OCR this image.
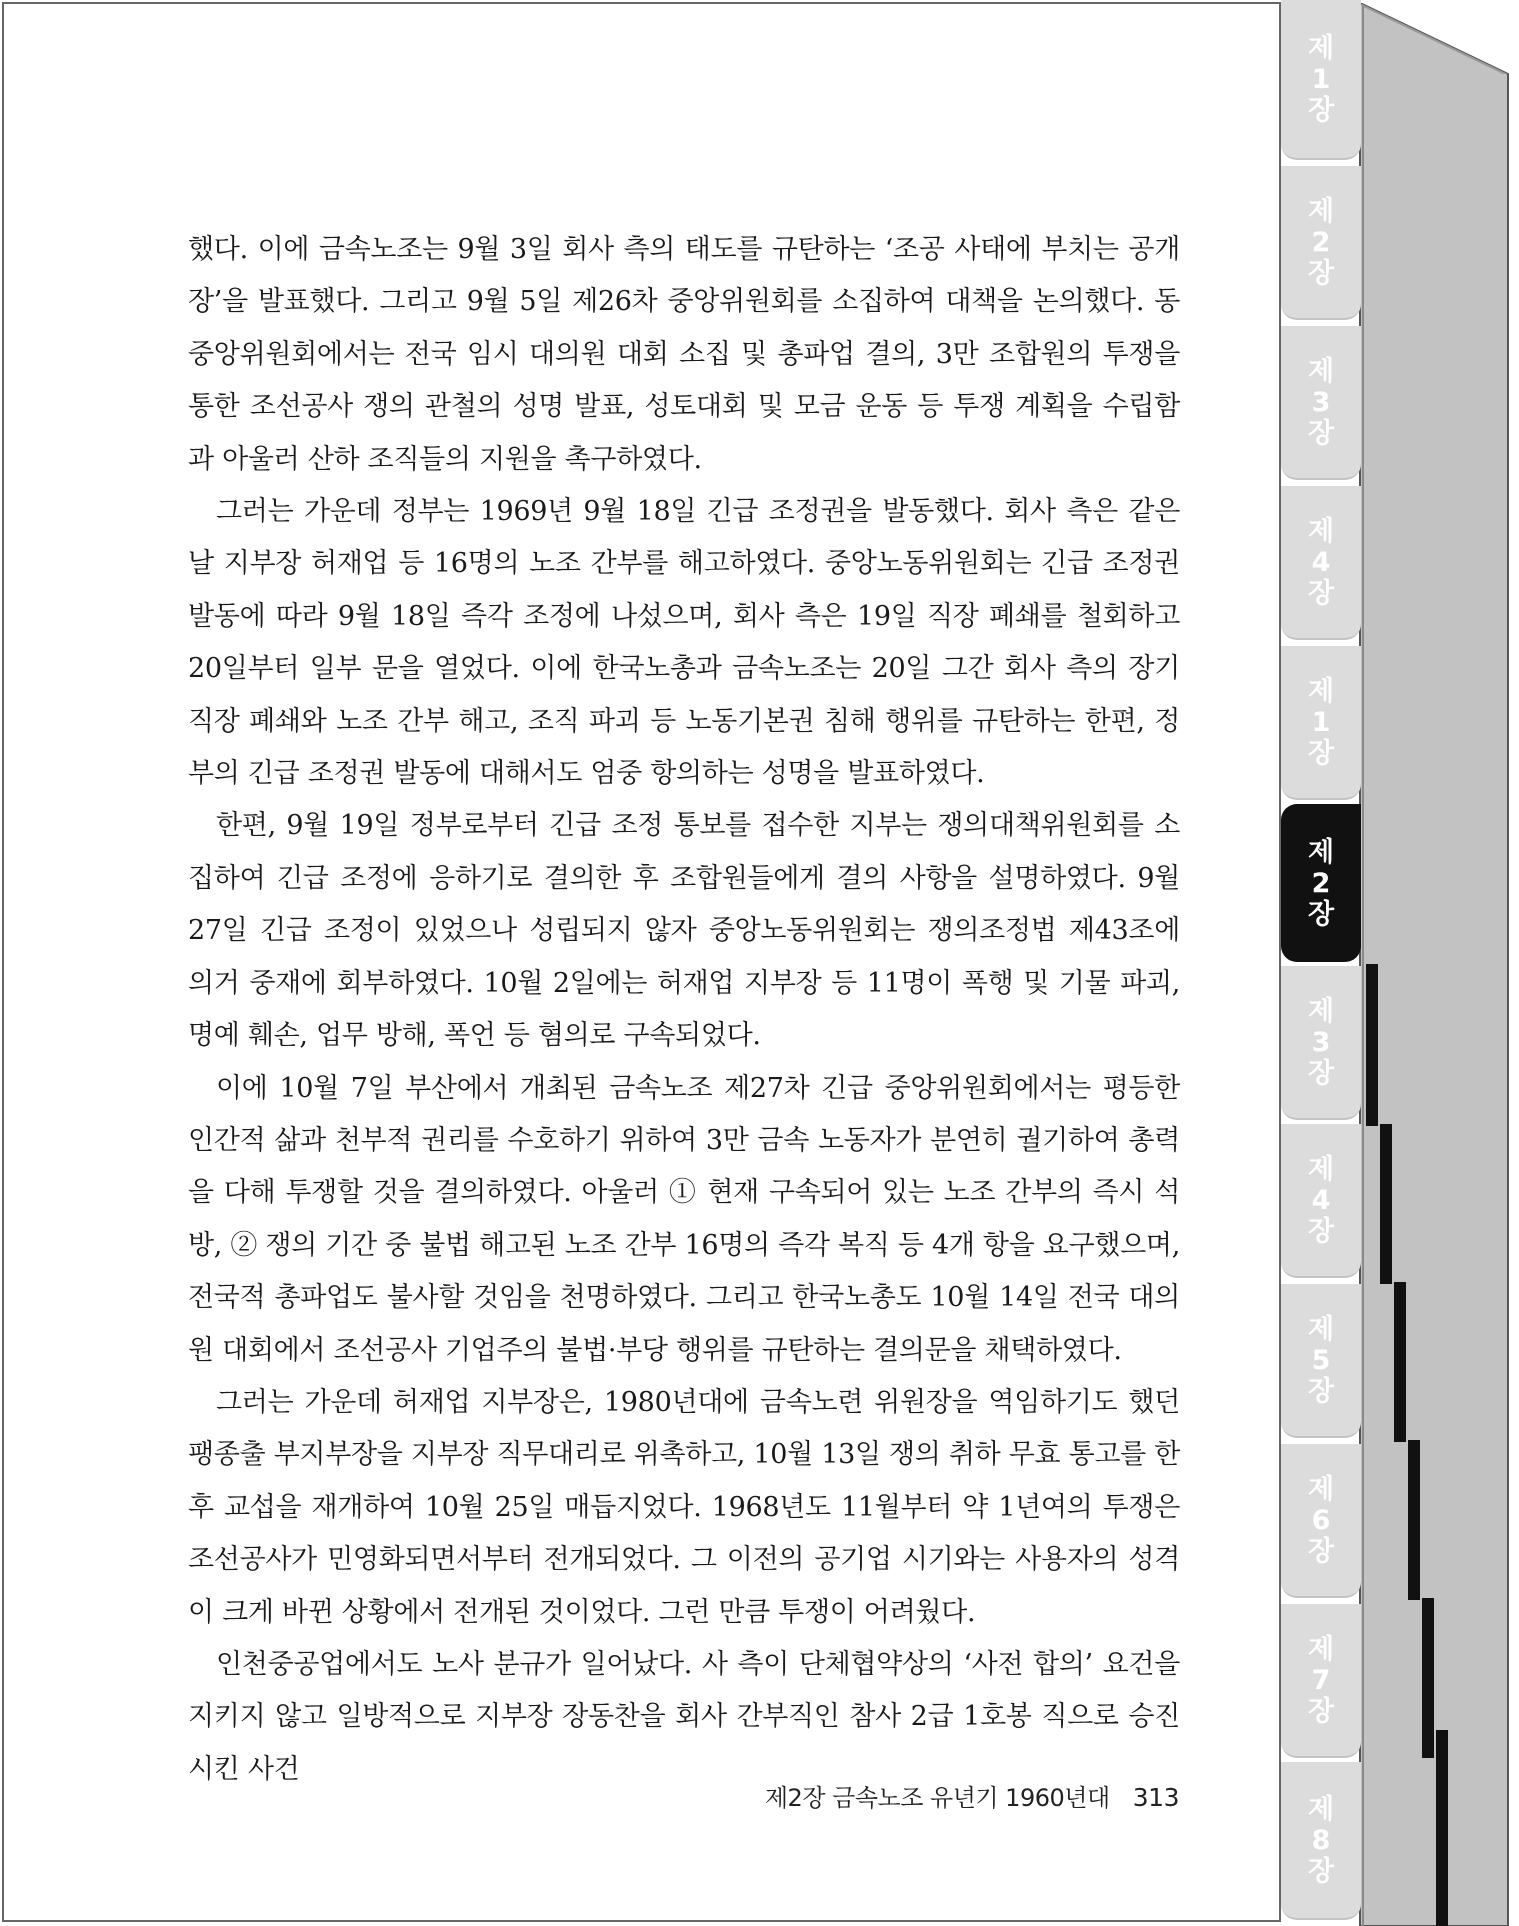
했다. 이에 금속노조는 9월 3일 회사 측의 태도를 규탄하는 ‘조공 사태에 부치는 공개장’을 발표했다. 그리고 9월 5일 제26차 중앙위원회를 소집하여 대책을 논의했다. 동 중앙위원회에서는 전국 임시 대의원 대회 소집 및 총파업 결의, 3만 조합원의 투쟁을 통한 조선공사 쟁의 관철의 성명 발표, 성토대회 및 모금 운동 등 투쟁 계획을 수립함과 아울러 산하 조직들의 지원을 촉구하였다.

그러는 가운데 정부는 1969년 9월 18일 긴급 조정권을 발동했다. 회사 측은 같은 날 지부장 허재업 등 16명의 노조 간부를 해고하였다. 중앙노동위원회는 긴급 조정권 발동에 따라 9월 18일 즉각 조정에 나섰으며, 회사 측은 19일 직장 폐쇄를 철회하고 20일부터 일부 문을 열었다. 이에 한국노총과 금속노조는 20일 그간 회사 측의 장기 직장 폐쇄와 노조 간부 해고, 조직 파괴 등 노동기본권 침해 행위를 규탄하는 한편, 정부의 긴급 조정권 발동에 대해서도 엄중 항의하는 성명을 발표하였다.

한편, 9월 19일 정부로부터 긴급 조정 통보를 접수한 지부는 쟁의대책위원회를 소집하여 긴급 조정에 응하기로 결의한 후 조합원들에게 결의 사항을 설명하였다. 9월 27일 긴급 조정이 있었으나 성립되지 않자 중앙노동위원회는 쟁의조정법 제43조에 의거 중재에 회부하였다. 10월 2일에는 허재업 지부장 등 11명이 폭행 및 기물 파괴, 명예 훼손, 업무 방해, 폭언 등 혐의로 구속되었다.

이에 10월 7일 부산에서 개최된 금속노조 제27차 긴급 중앙위원회에서는 평등한 인간적 삶과 천부적 권리를 수호하기 위하여 3만 금속 노동자가 분연히 궐기하여 총력을 다해 투쟁할 것을 결의하였다. 아울러 ① 현재 구속되어 있는 노조 간부의 즉시 석방, ② 쟁의 기간 중 불법 해고된 노조 간부 16명의 즉각 복직 등 4개 항을 요구했으며, 전국적 총파업도 불사할 것임을 천명하였다. 그리고 한국노총도 10월 14일 전국 대의원 대회에서 조선공사 기업주의 불법·부당 행위를 규탄하는 결의문을 채택하였다.

그러는 가운데 허재업 지부장은, 1980년대에 금속노련 위원장을 역임하기도 했던 팽종출 부지부장을 지부장 직무대리로 위촉하고, 10월 13일 쟁의 취하 무효 통고를 한 후 교섭을 재개하여 10월 25일 매듭지었다. 1968년도 11월부터 약 1년여의 투쟁은 조선공사가 민영화되면서부터 전개되었다. 그 이전의 공기업 시기와는 사용자의 성격이 크게 바뀐 상황에서 전개된 것이었다. 그런 만큼 투쟁이 어려웠다.

인천중공업에서도 노사 분규가 일어났다. 사 측이 단체협약상의 ‘사전 합의’ 요건을 지키지 않고 일방적으로 지부장 장동찬을 회사 간부직인 참사 2급 1호봉 직으로 승진시킨 사건

제2장 금속노조 유년기 1960년대 313
제
1
장
제
2
장
제
3
장
제
4
장
제
1
장
제
2
장
제
3
장
제
4
장
제
5
장
제
6
장
제
7
장
제
8
장
